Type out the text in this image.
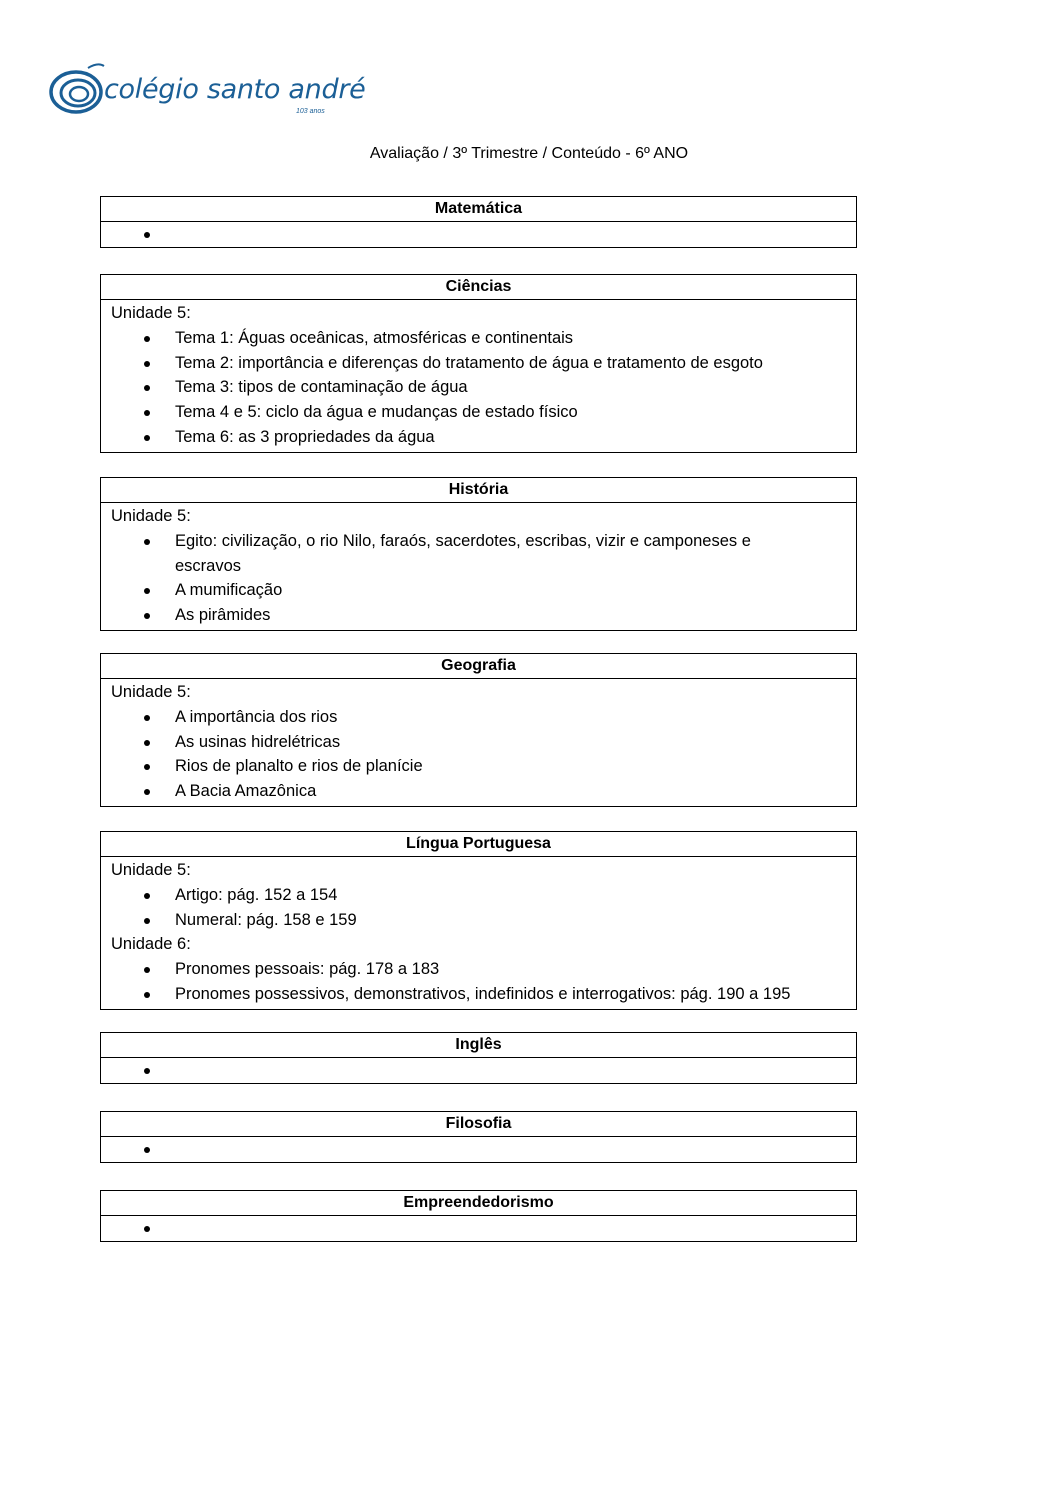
colégio santo andré
103 anos
Avaliação / 3º Trimestre / Conteúdo - 6º ANO
Matemática
Ciências
Unidade 5:
Tema 1: Águas oceânicas, atmosféricas e continentais
Tema 2: importância e diferenças do tratamento de água e tratamento de esgoto
Tema 3: tipos de contaminação de água
Tema 4 e 5: ciclo da água e mudanças de estado físico
Tema 6: as 3 propriedades da água
História
Unidade 5:
Egito: civilização, o rio Nilo, faraós, sacerdotes, escribas, vizir e camponeses e escravos
A mumificação
As pirâmides
Geografia
Unidade 5:
A importância dos rios
As usinas hidrelétricas
Rios de planalto e rios de planície
A Bacia Amazônica
Língua Portuguesa
Unidade 5:
Artigo: pág. 152 a 154
Numeral: pág. 158 e 159
Unidade 6:
Pronomes pessoais: pág. 178 a 183
Pronomes possessivos, demonstrativos, indefinidos e interrogativos: pág. 190 a 195
Inglês
Filosofia
Empreendedorismo
